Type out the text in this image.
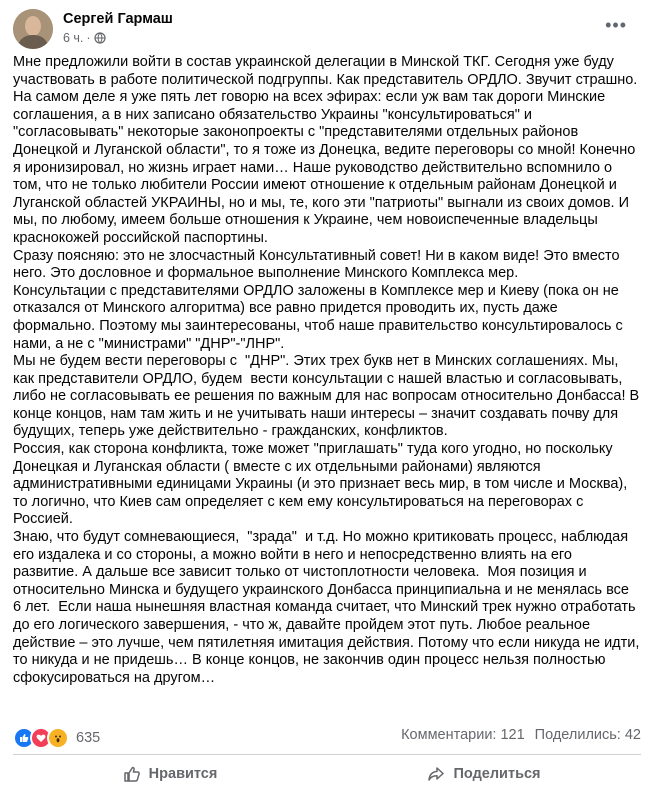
Сергей Гармаш
6 ч. ·
•••
Мне предложили войти в состав украинской делегации в Минской ТКГ. Сегодня уже буду участвовать в работе политической подгруппы. Как представитель ОРДЛО. Звучит страшно. На самом деле я уже пять лет говорю на всех эфирах: если уж вам так дороги Минские соглашения, а в них записано обязательство Украины "консультироваться" и "согласовывать" некоторые законопроекты с "представителями отдельных районов Донецкой и Луганской области", то я тоже из Донецка, ведите переговоры со мной! Конечно я иронизировал, но жизнь играет нами… Наше руководство действительно вспомнило о том, что не только любители России имеют отношение к отдельным районам Донецкой и Луганской областей УКРАИНЫ, но и мы, те, кого эти "патриоты" выгнали из своих домов. И мы, по любому, имеем больше отношения к Украине, чем новоиспеченные владельцы краснокожей российской паспортины.
Сразу поясняю: это не злосчастный Консультативный совет! Ни в каком виде! Это вместо него. Это дословное и формальное выполнение Минского Комплекса мер.
Консультации с представителями ОРДЛО заложены в Комплексе мер и Киеву (пока он не отказался от Минского алгоритма) все равно придется проводить их, пусть даже формально. Поэтому мы заинтересованы, чтоб наше правительство консультировалось с нами, а не с "министрами" "ДНР"-"ЛНР".
Мы не будем вести переговоры с  "ДНР". Этих трех букв нет в Минских соглашениях. Мы, как представители ОРДЛО, будем  вести консультации с нашей властью и согласовывать, либо не согласовывать ее решения по важным для нас вопросам относительно Донбасса! В конце концов, нам там жить и не учитывать наши интересы – значит создавать почву для будущих, теперь уже действительно - гражданских, конфликтов.
Россия, как сторона конфликта, тоже может "приглашать" туда кого угодно, но поскольку Донецкая и Луганская области ( вместе с их отдельными районами) являются административными единицами Украины (и это признает весь мир, в том числе и Москва), то логично, что Киев сам определяет с кем ему консультироваться на переговорах с Россией.
Знаю, что будут сомневающиеся,  "зрада"  и т.д. Но можно критиковать процесс, наблюдая его издалека и со стороны, а можно войти в него и непосредственно влиять на его развитие. А дальше все зависит только от чистоплотности человека.  Моя позиция и относительно Минска и будущего украинского Донбасса принципиальна и не менялась все 6 лет.  Если наша нынешняя властная команда считает, что Минский трек нужно отработать до его логического завершения, - что ж, давайте пройдем этот путь. Любое реальное действие – это лучше, чем пятилетняя имитация действия. Потому что если никуда не идти, то никуда и не придешь… В конце концов, не закончив один процесс нельзя полностью сфокусироваться на другом…
635	Комментарии: 121 Поделились: 42
Нравится	Поделиться
